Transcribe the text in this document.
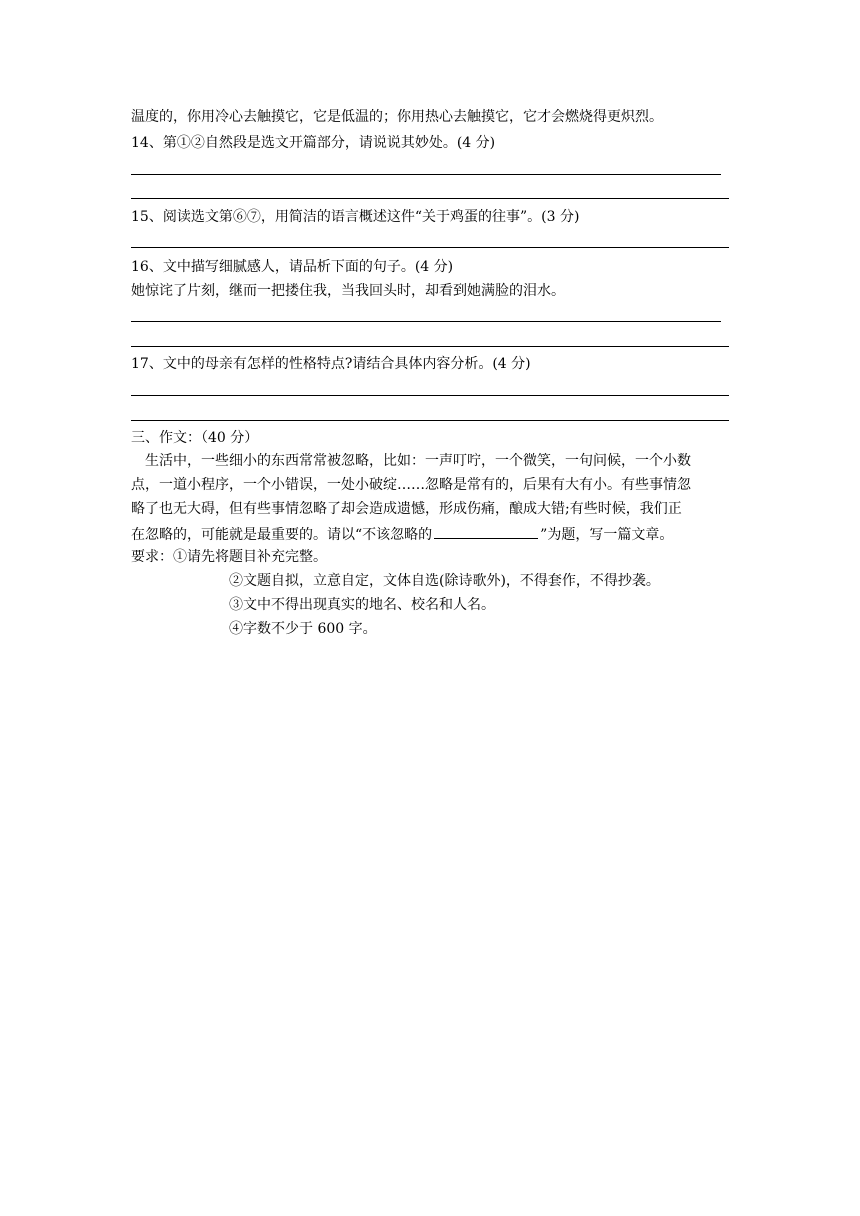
温度的，你用冷心去触摸它，它是低温的；你用热心去触摸它，它才会燃烧得更炽烈。
14、第①②自然段是选文开篇部分，请说说其妙处。(4 分)
15、阅读选文第⑥⑦，用简洁的语言概述这件“关于鸡蛋的往事”。(3 分)
16、文中描写细腻感人，请品析下面的句子。(4 分)
她惊诧了片刻，继而一把搂住我，当我回头时，却看到她满脸的泪水。
17、文中的母亲有怎样的性格特点?请结合具体内容分析。(4 分)
三、作文：（40 分）
生活中，一些细小的东西常常被忽略，比如：一声叮咛，一个微笑，一句问候，一个小数
点，一道小程序，一个小错误，一处小破绽……忽略是常有的，后果有大有小。有些事情忽
略了也无大碍，但有些事情忽略了却会造成遗憾，形成伤痛，酿成大错;有些时候，我们正
在忽略的，可能就是最重要的。请以“不该忽略的	”为题，写一篇文章。
要求：①请先将题目补充完整。
②文题自拟，立意自定，文体自选(除诗歌外)，不得套作，不得抄袭。
③文中不得出现真实的地名、校名和人名。
④字数不少于 600 字。
